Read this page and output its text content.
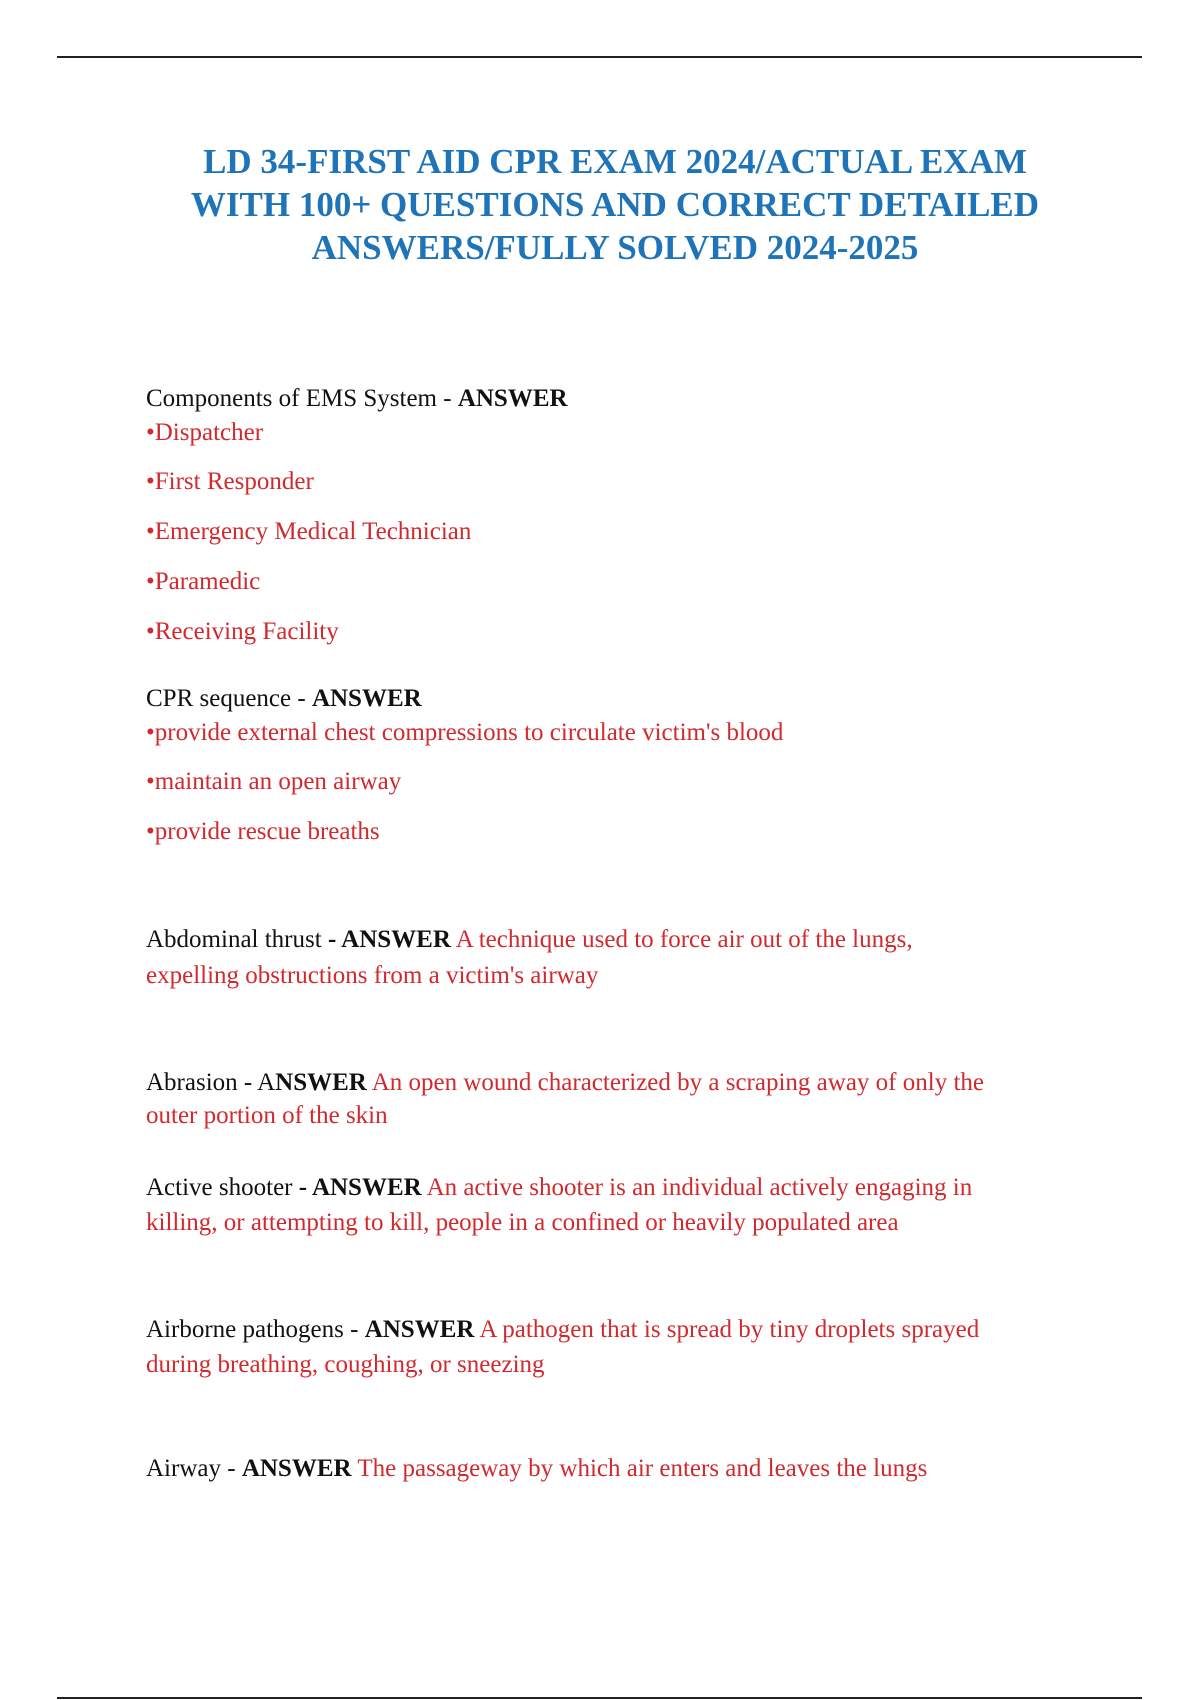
LD 34-FIRST AID CPR EXAM 2024/ACTUAL EXAM
WITH 100+ QUESTIONS AND CORRECT DETAILED
ANSWERS/FULLY SOLVED 2024-2025
Components of EMS System - ANSWER
•Dispatcher
•First Responder
•Emergency Medical Technician
•Paramedic
•Receiving Facility
CPR sequence - ANSWER
•provide external chest compressions to circulate victim's blood
•maintain an open airway
•provide rescue breaths
Abdominal thrust - ANSWER A technique used to force air out of the lungs,
expelling obstructions from a victim's airway
Abrasion - ANSWER An open wound characterized by a scraping away of only the
outer portion of the skin
Active shooter - ANSWER An active shooter is an individual actively engaging in
killing, or attempting to kill, people in a confined or heavily populated area
Airborne pathogens - ANSWER A pathogen that is spread by tiny droplets sprayed
during breathing, coughing, or sneezing
Airway - ANSWER The passageway by which air enters and leaves the lungs
